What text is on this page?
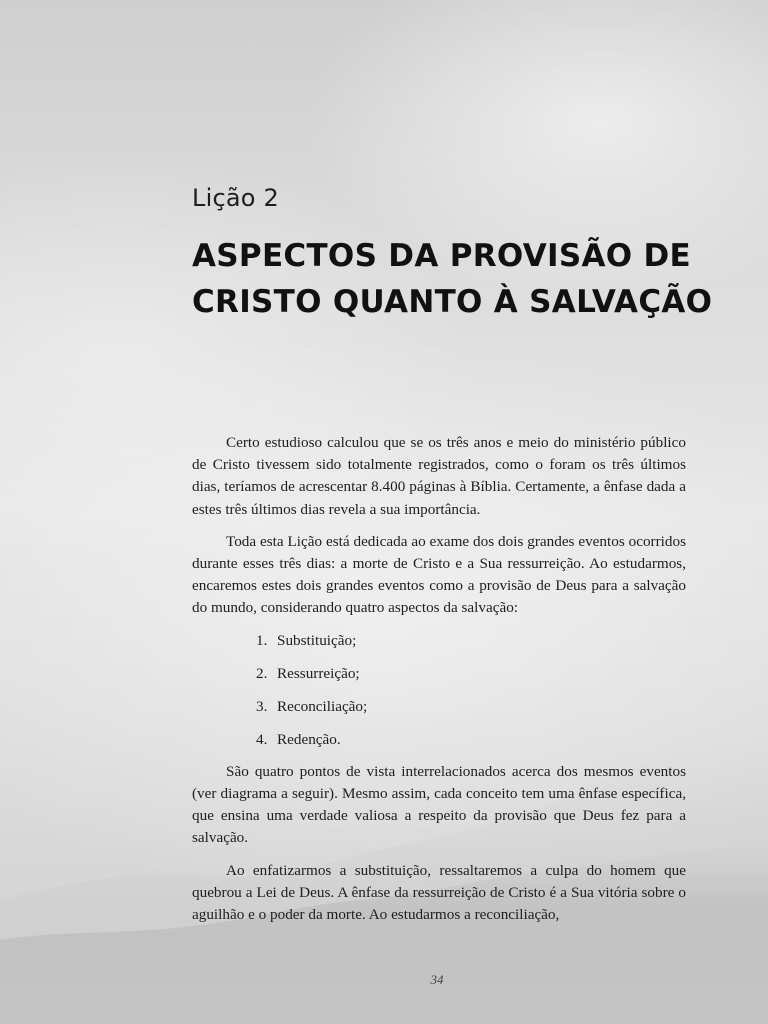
Lição 2
ASPECTOS DA PROVISÃO DE
CRISTO QUANTO À SALVAÇÃO

Certo estudioso calculou que se os três anos e meio do ministério público de Cristo tivessem sido totalmente registrados, como o foram os três últimos dias, teríamos de acrescentar 8.400 páginas à Bíblia. Certamente, a ênfase dada a estes três últimos dias revela a sua importância.

Toda esta Lição está dedicada ao exame dos dois grandes eventos ocorridos durante esses três dias: a morte de Cristo e a Sua ressurreição. Ao estudarmos, encaremos estes dois grandes eventos como a provisão de Deus para a salvação do mundo, considerando quatro aspectos da salvação:

1. Substituição;
2. Ressurreição;
3. Reconciliação;
4. Redenção.

São quatro pontos de vista interrelacionados acerca dos mesmos eventos (ver diagrama a seguir). Mesmo assim, cada conceito tem uma ênfase específica, que ensina uma verdade valiosa a respeito da provisão que Deus fez para a salvação.

Ao enfatizarmos a substituição, ressaltaremos a culpa do homem que quebrou a Lei de Deus. A ênfase da ressurreição de Cristo é a Sua vitória sobre o aguilhão e o poder da morte. Ao estudarmos a reconciliação,

34
